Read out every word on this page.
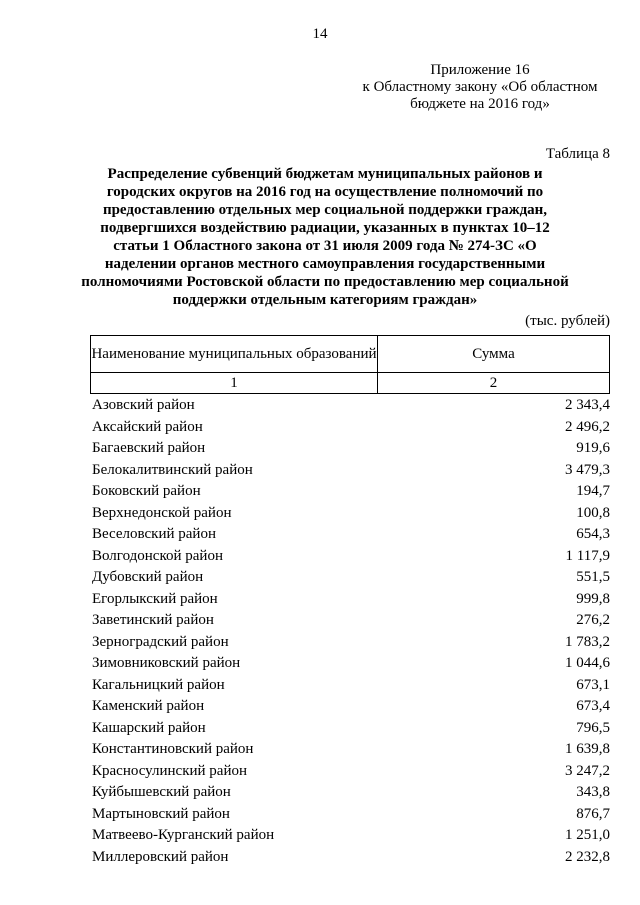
14
Приложение 16
к Областному закону «Об областном
бюджете на 2016 год»
Таблица 8
Распределение субвенций бюджетам муниципальных районов и городских округов на 2016 год на осуществление полномочий по предоставлению отдельных мер социальной поддержки граждан, подвергшихся воздействию радиации, указанных в пунктах 10–12 статьи 1 Областного закона от 31 июля 2009 года № 274-ЗС «О наделении органов местного самоуправления государственными полномочиями Ростовской области по предоставлению мер социальной поддержки отдельным категориям граждан»
(тыс. рублей)
Наименование муниципальных образований	Сумма
1	2
Азовский район	2 343,4
Аксайский район	2 496,2
Багаевский район	919,6
Белокалитвинский район	3 479,3
Боковский район	194,7
Верхнедонской район	100,8
Веселовский район	654,3
Волгодонской район	1 117,9
Дубовский район	551,5
Егорлыкский район	999,8
Заветинский район	276,2
Зерноградский район	1 783,2
Зимовниковский район	1 044,6
Кагальницкий район	673,1
Каменский район	673,4
Кашарский район	796,5
Константиновский район	1 639,8
Красносулинский район	3 247,2
Куйбышевский район	343,8
Мартыновский район	876,7
Матвеево-Курганский район	1 251,0
Миллеровский район	2 232,8
